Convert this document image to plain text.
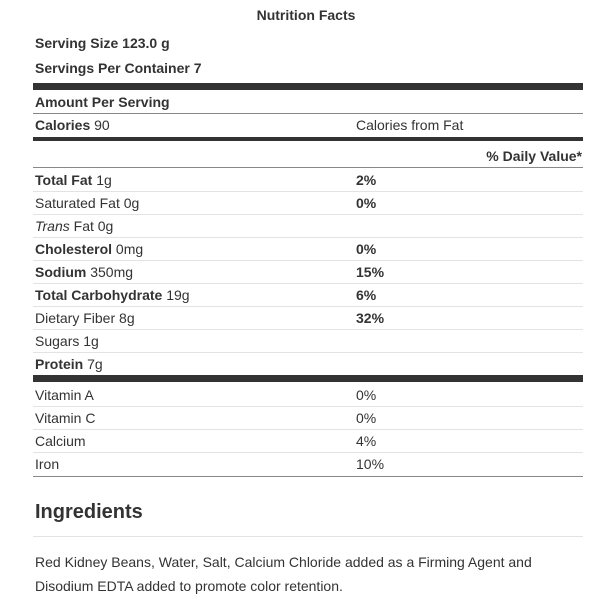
Nutrition Facts
Serving Size 123.0 g
Servings Per Container 7
Amount Per Serving
Calories 90	Calories from Fat
% Daily Value*
Total Fat 1g	2%
Saturated Fat 0g	0%
Trans Fat 0g
Cholesterol 0mg	0%
Sodium 350mg	15%
Total Carbohydrate 19g	6%
Dietary Fiber 8g	32%
Sugars 1g
Protein 7g
Vitamin A	0%
Vitamin C	0%
Calcium	4%
Iron	10%
Ingredients
Red Kidney Beans, Water, Salt, Calcium Chloride added as a Firming Agent and Disodium EDTA added to promote color retention.
